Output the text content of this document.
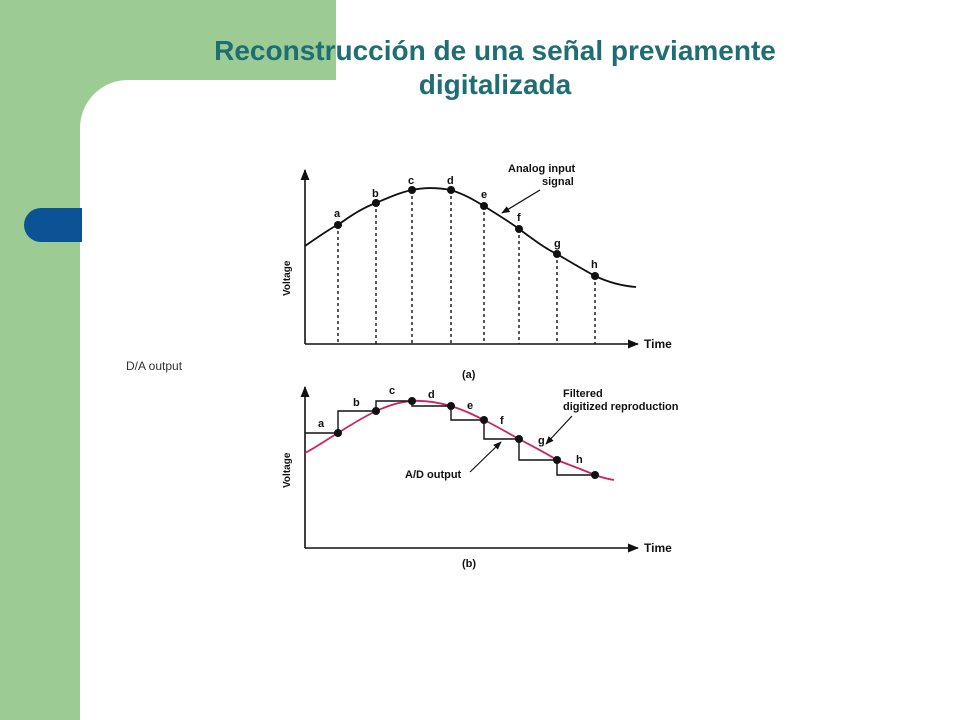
Reconstrucción de una señal previamente
digitalizada
D/A output
Voltage
Time
(a)
a
b
c	d
e
f
g
h
Analog input
signal
Voltage
Time
(b)
a
b
c	d
e
f
g
h
Filtered
digitized reproduction
A/D output
